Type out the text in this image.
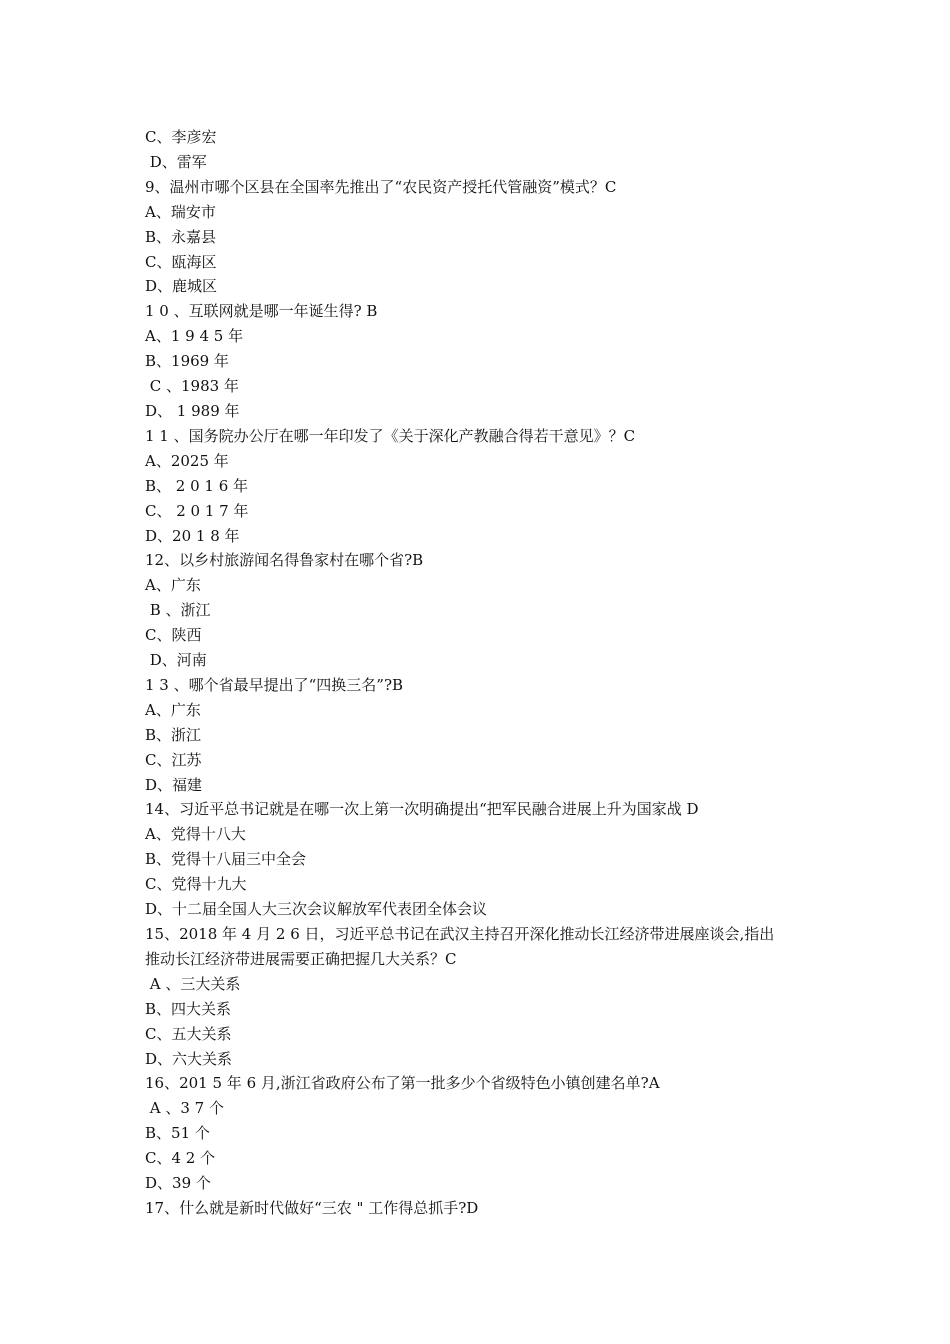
C、李彦宏

D、雷军

9、温州市哪个区县在全国率先推出了“农民资产授托代管融资”模式？C

A、瑞安市

B、永嘉县

C、瓯海区

D、鹿城区

1 0 、互联网就是哪一年诞生得? B

A、1 9 4 5 年

B、1969 年

C 、1983 年

D、 1 989 年

1 1 、国务院办公厅在哪一年印发了《关于深化产教融合得若干意见》？C

A、2025 年

B、 2 0 1 6 年

C、 2 0 1 7 年

D、20 1 8 年

12、以乡村旅游闻名得鲁家村在哪个省?B

A、广东

B 、浙江

C、陕西

D、河南

1 3 、哪个省最早提出了“四换三名”?B

A、广东

B、浙江

C、江苏

D、福建

14、习近平总书记就是在哪一次上第一次明确提出“把军民融合进展上升为国家战 D

A、党得十八大

B、党得十八届三中全会

C、党得十九大

D、十二届全国人大三次会议解放军代表团全体会议

15、2018 年 4 月 2 6 日，习近平总书记在武汉主持召开深化推动长江经济带进展座谈会,指出

推动长江经济带进展需要正确把握几大关系？C

A 、三大关系

B、四大关系

C、五大关系

D、六大关系

16、201 5 年 6 月,浙江省政府公布了第一批多少个省级特色小镇创建名单?A

A 、3 7 个

B、51 个

C、4 2 个

D、39 个

17、什么就是新时代做好“三农 " 工作得总抓手?D
